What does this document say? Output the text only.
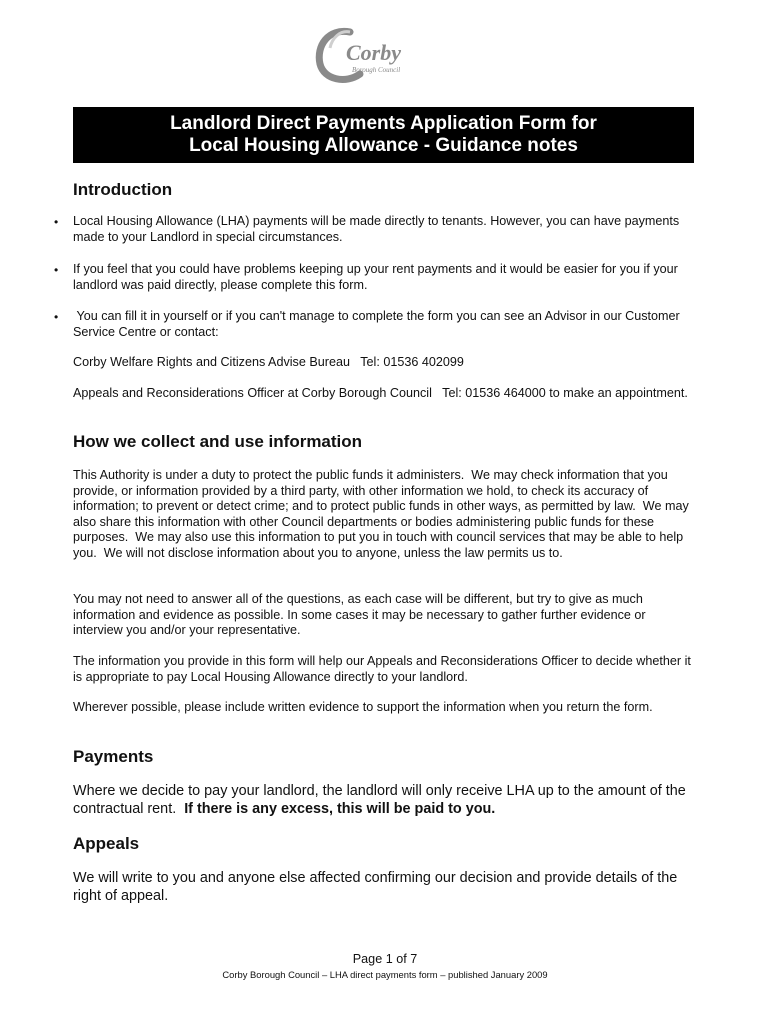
Corby
Borough Council
Landlord Direct Payments Application Form for
Local Housing Allowance - Guidance notes
Introduction
• Local Housing Allowance (LHA) payments will be made directly to tenants. However, you can have payments made to your Landlord in special circumstances.
• If you feel that you could have problems keeping up your rent payments and it would be easier for you if your landlord was paid directly, please complete this form.
• You can fill it in yourself or if you can't manage to complete the form you can see an Advisor in our Customer Service Centre or contact:
Corby Welfare Rights and Citizens Advise Bureau   Tel: 01536 402099
Appeals and Reconsiderations Officer at Corby Borough Council   Tel: 01536 464000 to make an appointment.
How we collect and use information
This Authority is under a duty to protect the public funds it administers.  We may check information that you provide, or information provided by a third party, with other information we hold, to check its accuracy of information; to prevent or detect crime; and to protect public funds in other ways, as permitted by law.  We may also share this information with other Council departments or bodies administering public funds for these purposes.  We may also use this information to put you in touch with council services that may be able to help you.  We will not disclose information about you to anyone, unless the law permits us to.
You may not need to answer all of the questions, as each case will be different, but try to give as much information and evidence as possible. In some cases it may be necessary to gather further evidence or interview you and/or your representative.
The information you provide in this form will help our Appeals and Reconsiderations Officer to decide whether it is appropriate to pay Local Housing Allowance directly to your landlord.
Wherever possible, please include written evidence to support the information when you return the form.
Payments
Where we decide to pay your landlord, the landlord will only receive LHA up to the amount of the contractual rent.  If there is any excess, this will be paid to you.
Appeals
We will write to you and anyone else affected confirming our decision and provide details of the right of appeal.
Page 1 of 7
Corby Borough Council – LHA direct payments form – published January 2009
